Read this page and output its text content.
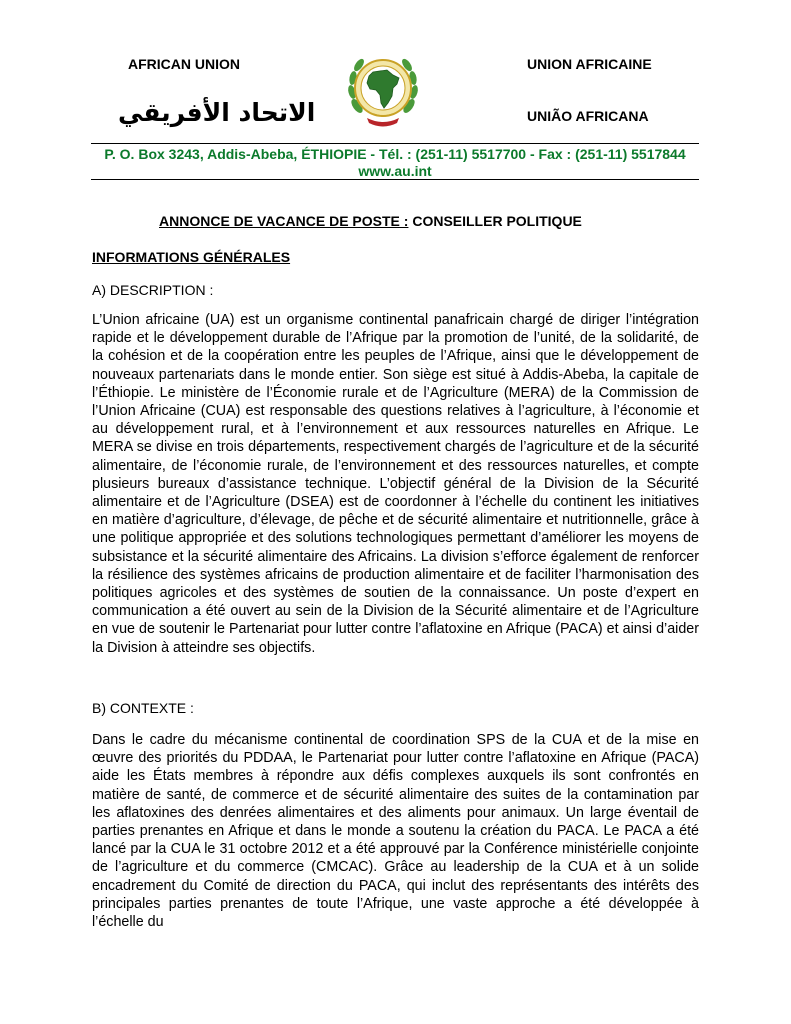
AFRICAN UNION	UNION AFRICAINE
الاتحاد الأفريقي	UNIÃO AFRICANA
P. O. Box 3243, Addis-Abeba, ÉTHIOPIE - Tél. : (251-11) 5517700 - Fax : (251-11) 5517844
www.au.int
ANNONCE DE VACANCE DE POSTE : CONSEILLER POLITIQUE
INFORMATIONS GÉNÉRALES
A) DESCRIPTION :

L’Union africaine (UA) est un organisme continental panafricain chargé de diriger l’intégration rapide et le développement durable de l’Afrique par la promotion de l’unité, de la solidarité, de la cohésion et de la coopération entre les peuples de l’Afrique, ainsi que le développement de nouveaux partenariats dans le monde entier. Son siège est situé à Addis-Abeba, la capitale de l’Éthiopie. Le ministère de l’Économie rurale et de l’Agriculture (MERA) de la Commission de l’Union Africaine (CUA) est responsable des questions relatives à l’agriculture, à l’économie et au développement rural, et à l’environnement et aux ressources naturelles en Afrique. Le MERA se divise en trois départements, respectivement chargés de l’agriculture et de la sécurité alimentaire, de l’économie rurale, de l’environnement et des ressources naturelles, et compte plusieurs bureaux d’assistance technique. L’objectif général de la Division de la Sécurité alimentaire et de l’Agriculture (DSEA) est de coordonner à l’échelle du continent les initiatives en matière d’agriculture, d’élevage, de pêche et de sécurité alimentaire et nutritionnelle, grâce à une politique appropriée et des solutions technologiques permettant d’améliorer les moyens de subsistance et la sécurité alimentaire des Africains. La division s’efforce également de renforcer la résilience des systèmes africains de production alimentaire et de faciliter l’harmonisation des politiques agricoles et des systèmes de soutien de la connaissance. Un poste d’expert en communication a été ouvert au sein de la Division de la Sécurité alimentaire et de l’Agriculture en vue de soutenir le Partenariat pour lutter contre l’aflatoxine en Afrique (PACA) et ainsi d’aider la Division à atteindre ses objectifs.

B) CONTEXTE :

Dans le cadre du mécanisme continental de coordination SPS de la CUA et de la mise en œuvre des priorités du PDDAA, le Partenariat pour lutter contre l’aflatoxine en Afrique (PACA) aide les États membres à répondre aux défis complexes auxquels ils sont confrontés en matière de santé, de commerce et de sécurité alimentaire des suites de la contamination par les aflatoxines des denrées alimentaires et des aliments pour animaux. Un large éventail de parties prenantes en Afrique et dans le monde a soutenu la création du PACA. Le PACA a été lancé par la CUA le 31 octobre 2012 et a été approuvé par la Conférence ministérielle conjointe de l’agriculture et du commerce (CMCAC). Grâce au leadership de la CUA et à un solide encadrement du Comité de direction du PACA, qui inclut des représentants des intérêts des principales parties prenantes de toute l’Afrique, une vaste approche a été développée à l’échelle du
